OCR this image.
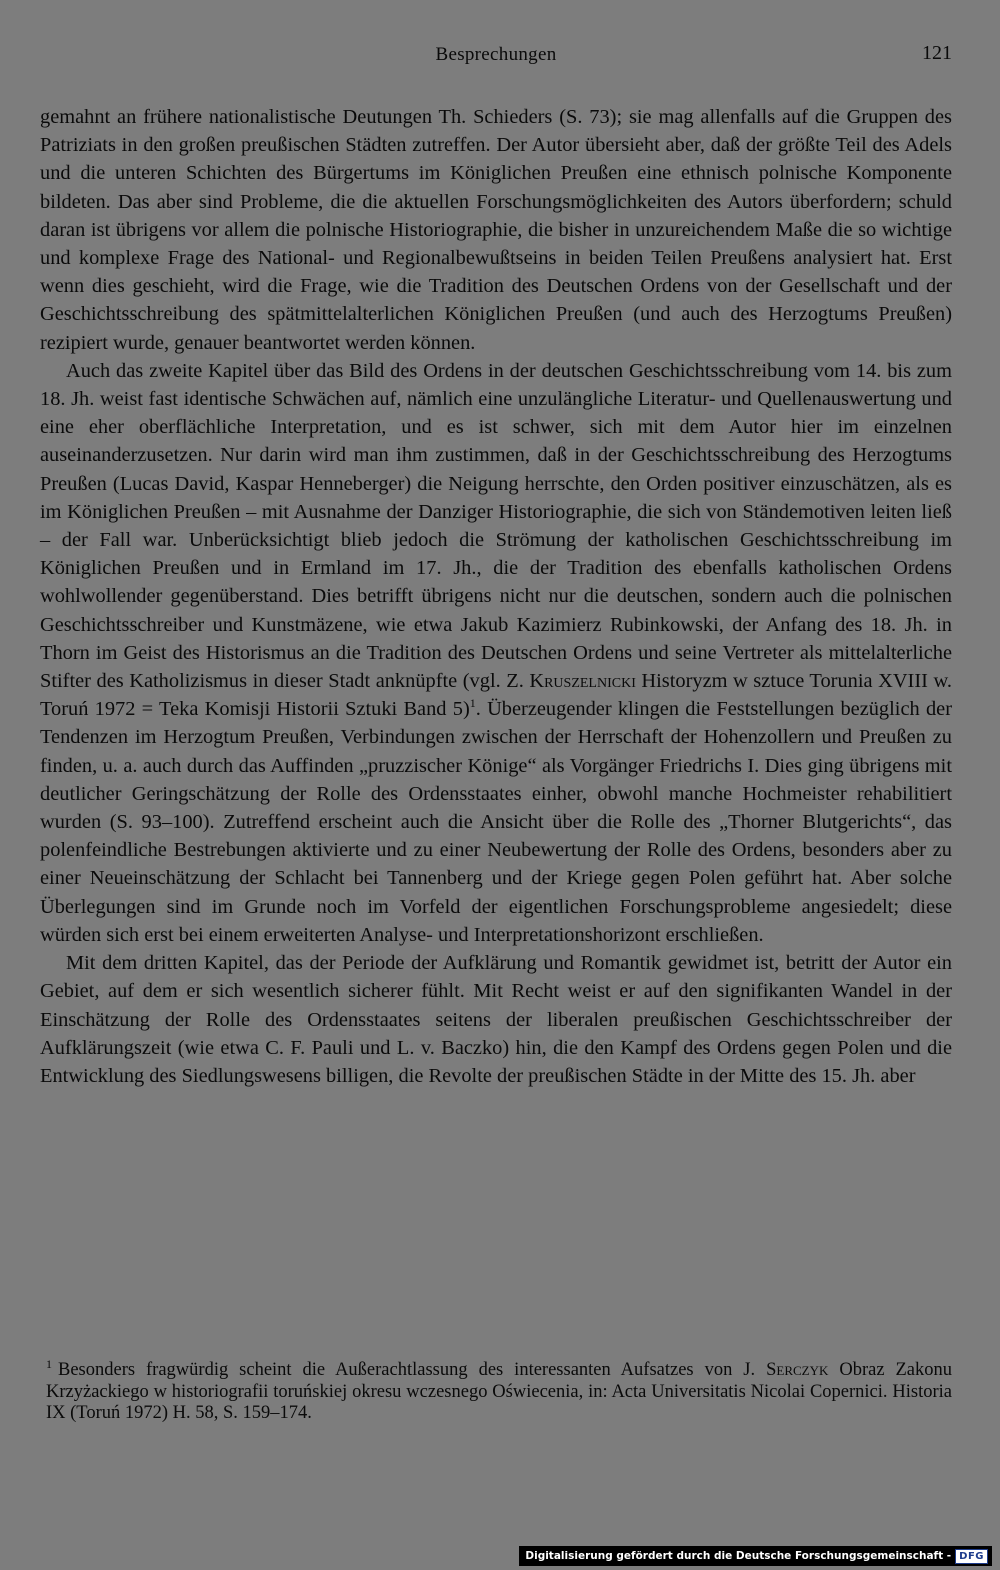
Besprechungen	121

gemahnt an frühere nationalistische Deutungen Th. Schieders (S. 73); sie mag allenfalls auf die Gruppen des Patriziats in den großen preußischen Städten zutreffen. Der Autor übersieht aber, daß der größte Teil des Adels und die unteren Schichten des Bürgertums im Königlichen Preußen eine ethnisch polnische Komponente bildeten. Das aber sind Probleme, die die aktuellen Forschungsmöglichkeiten des Autors überfordern; schuld daran ist übrigens vor allem die polnische Historiographie, die bisher in unzureichendem Maße die so wichtige und komplexe Frage des National- und Regionalbewußtseins in beiden Teilen Preußens analysiert hat. Erst wenn dies geschieht, wird die Frage, wie die Tradition des Deutschen Ordens von der Gesellschaft und der Geschichtsschreibung des spätmittelalterlichen Königlichen Preußen (und auch des Herzogtums Preußen) rezipiert wurde, genauer beantwortet werden können.

Auch das zweite Kapitel über das Bild des Ordens in der deutschen Geschichtsschreibung vom 14. bis zum 18. Jh. weist fast identische Schwächen auf, nämlich eine unzulängliche Literatur- und Quellenauswertung und eine eher oberflächliche Interpretation, und es ist schwer, sich mit dem Autor hier im einzelnen auseinanderzusetzen. Nur darin wird man ihm zustimmen, daß in der Geschichtsschreibung des Herzogtums Preußen (Lucas David, Kaspar Henneberger) die Neigung herrschte, den Orden positiver einzuschätzen, als es im Königlichen Preußen – mit Ausnahme der Danziger Historiographie, die sich von Ständemotiven leiten ließ – der Fall war. Unberücksichtigt blieb jedoch die Strömung der katholischen Geschichtsschreibung im Königlichen Preußen und in Ermland im 17. Jh., die der Tradition des ebenfalls katholischen Ordens wohlwollender gegenüberstand. Dies betrifft übrigens nicht nur die deutschen, sondern auch die polnischen Geschichtsschreiber und Kunstmäzene, wie etwa Jakub Kazimierz Rubinkowski, der Anfang des 18. Jh. in Thorn im Geist des Historismus an die Tradition des Deutschen Ordens und seine Vertreter als mittelalterliche Stifter des Katholizismus in dieser Stadt anknüpfte (vgl. Z. Kruszelnicki Historyzm w sztuce Torunia XVIII w. Toruń 1972 = Teka Komisji Historii Sztuki Band 5)$^1$. Überzeugender klingen die Feststellungen bezüglich der Tendenzen im Herzogtum Preußen, Verbindungen zwischen der Herrschaft der Hohenzollern und Preußen zu finden, u. a. auch durch das Auffinden „pruzzischer Könige“ als Vorgänger Friedrichs I. Dies ging übrigens mit deutlicher Geringschätzung der Rolle des Ordensstaates einher, obwohl manche Hochmeister rehabilitiert wurden (S. 93–100). Zutreffend erscheint auch die Ansicht über die Rolle des „Thorner Blutgerichts“, das polenfeindliche Bestrebungen aktivierte und zu einer Neubewertung der Rolle des Ordens, besonders aber zu einer Neueinschätzung der Schlacht bei Tannenberg und der Kriege gegen Polen geführt hat. Aber solche Überlegungen sind im Grunde noch im Vorfeld der eigentlichen Forschungsprobleme angesiedelt; diese würden sich erst bei einem erweiterten Analyse- und Interpretationshorizont erschließen.

Mit dem dritten Kapitel, das der Periode der Aufklärung und Romantik gewidmet ist, betritt der Autor ein Gebiet, auf dem er sich wesentlich sicherer fühlt. Mit Recht weist er auf den signifikanten Wandel in der Einschätzung der Rolle des Ordensstaates seitens der liberalen preußischen Geschichtsschreiber der Aufklärungszeit (wie etwa C. F. Pauli und L. v. Baczko) hin, die den Kampf des Ordens gegen Polen und die Entwicklung des Siedlungswesens billigen, die Revolte der preußischen Städte in der Mitte des 15. Jh. aber

$^1$ Besonders fragwürdig scheint die Außerachtlassung des interessanten Aufsatzes von J. Serczyk Obraz Zakonu Krzyżackiego w historiografii toruńskiej okresu wczesnego Oświecenia, in: Acta Universitatis Nicolai Copernici. Historia IX (Toruń 1972) H. 58, S. 159–174.
Digitalisierung gefördert durch die Deutsche Forschungsgemeinschaft - DFG
